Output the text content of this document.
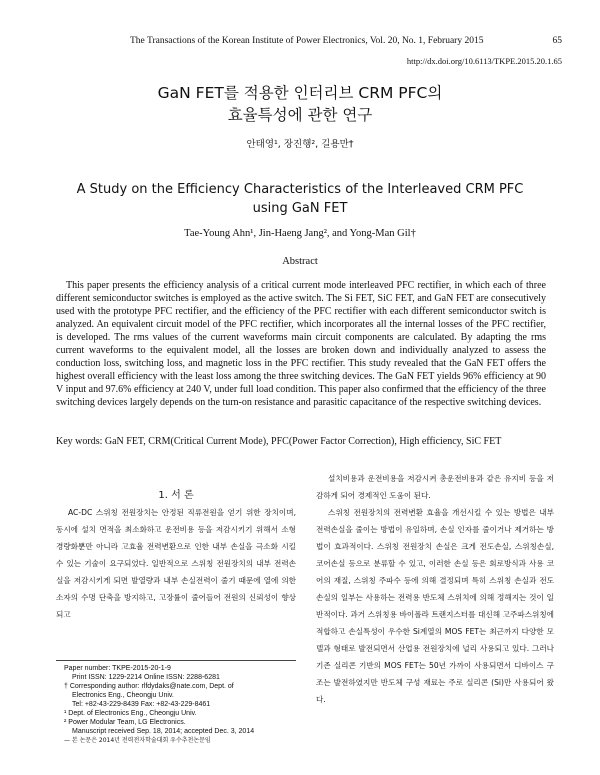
The Transactions of the Korean Institute of Power Electronics, Vol. 20, No. 1, February 2015	65
http://dx.doi.org/10.6113/TKPE.2015.20.1.65
GaN FET를 적용한 인터리브 CRM PFC의
효율특성에 관한 연구
안태영¹, 장진행², 길용만†
A Study on the Efficiency Characteristics of the Interleaved CRM PFC
using GaN FET
Tae-Young Ahn¹, Jin-Haeng Jang², and Yong-Man Gil†
Abstract
This paper presents the efficiency analysis of a critical current mode interleaved PFC rectifier, in which each of three different semiconductor switches is employed as the active switch. The Si FET, SiC FET, and GaN FET are consecutively used with the prototype PFC rectifier, and the efficiency of the PFC rectifier with each different semiconductor switch is analyzed. An equivalent circuit model of the PFC rectifier, which incorporates all the internal losses of the PFC rectifier, is developed. The rms values of the current waveforms main circuit components are calculated. By adapting the rms current waveforms to the equivalent model, all the losses are broken down and individually analyzed to assess the conduction loss, switching loss, and magnetic loss in the PFC rectifier. This study revealed that the GaN FET offers the highest overall efficiency with the least loss among the three switching devices. The GaN FET yields 96% efficiency at 90 V input and 97.6% efficiency at 240 V, under full load condition. This paper also confirmed that the efficiency of the three switching devices largely depends on the turn-on resistance and parasitic capacitance of the respective switching devices.
Key words: GaN FET, CRM(Critical Current Mode), PFC(Power Factor Correction), High efficiency, SiC FET
1. 서 론
AC-DC 스위칭 전원장치는 안정된 직류전원을 얻기 위한 장치이며, 동시에 설치 면적을 최소화하고 운전비용 등을 저감시키기 위해서 소형 경량화뿐만 아니라 고효율 전력변환으로 인한 내부 손실을 극소화 시킬 수 있는 기술이 요구되었다. 일반적으로 스위칭 전원장치의 내부 전력손실을 저감시키게 되면 발열량과 내부 손실전력이 줄기 때문에 열에 의한 소자의 수명 단축을 방지하고, 고장률이 줄어들어 전원의 신뢰성이 향상되고

설치비용과 운전비용을 저감시켜 총운전비용과 같은 유지비 등을 저감하게 되어 경제적인 도움이 된다.

스위칭 전원장치의 전력변환 효율을 개선시킬 수 있는 방법은 내부 전력손실을 줄이는 방법이 유일하며, 손실 인자를 줄이거나 제거하는 방법이 효과적이다. 스위칭 전원장치 손실은 크게 전도손실, 스위칭손실, 코어손실 등으로 분류할 수 있고, 이러한 손실 등은 회로방식과 사용 코어의 재질, 스위칭 주파수 등에 의해 결정되며 특히 스위칭 손실과 전도손실의 일부는 사용하는 전력용 반도체 스위치에 의해 정해지는 것이 일반적이다. 과거 스위칭용 바이폴라 트랜지스터를 대신해 고주파스위칭에 적합하고 손실특성이 우수한 Si계열의 MOS FET는 최근까지 다양한 모델과 형태로 발전되면서 산업용 전원장치에 널리 사용되고 있다. 그러나 기존 실리콘 기반의 MOS FET는 50년 가까이 사용되면서 디바이스 구조는 발전하였지만 반도체 구성 재료는 주로 실리콘 (Si)만 사용되어 왔다.

Paper number: TKPE-2015-20-1-9
Print ISSN: 1229-2214 Online ISSN: 2288-6281
† Corresponding author: rlfdydaks@nate.com, Dept. of
Electronics Eng., Cheongju Univ.
Tel: +82-43-229-8439 Fax: +82-43-229-8461
¹ Dept. of Electronics Eng., Cheongju Univ.
² Power Modular Team, LG Electronics.
Manuscript received Sep. 18, 2014; accepted Dec. 3, 2014
— 본 논문은 2014년 전력전자학술대회 우수추천논문임
